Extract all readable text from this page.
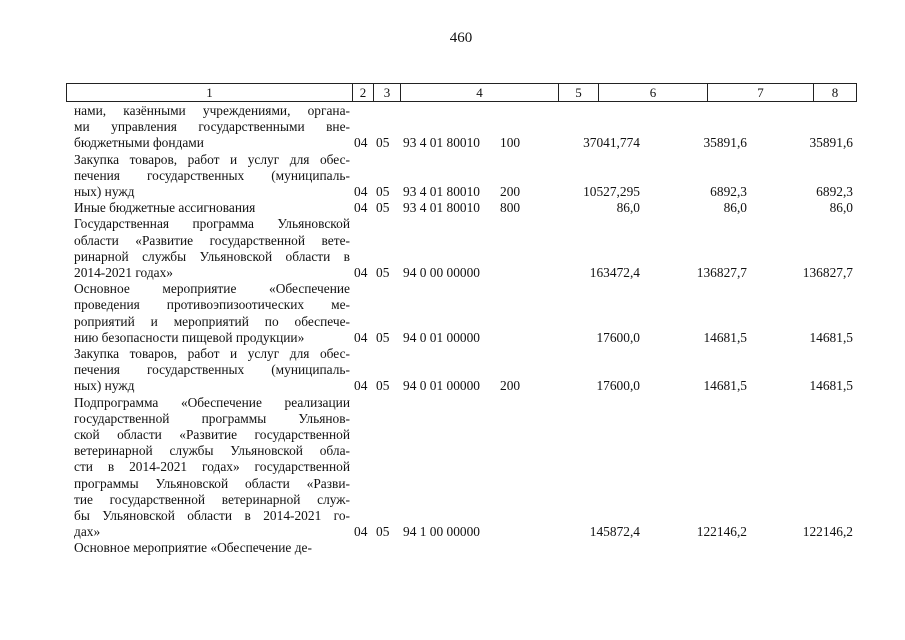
460
1	2	3	4	5	6	7	8
нами, казёнными учреждениями, органа-
ми управления государственными вне-
бюджетными фондами	04 05 93 4 01 80010 100	37041,774	35891,6	35891,6
Закупка товаров, работ и услуг для обес-
печения государственных (муниципаль-
ных) нужд	04 05 93 4 01 80010 200	10527,295	6892,3	6892,3
Иные бюджетные ассигнования	04 05 93 4 01 80010 800	86,0	86,0	86,0
Государственная программа Ульяновской
области «Развитие государственной вете-
ринарной службы Ульяновской области в
2014-2021 годах»	04 05 94 0 00 00000	163472,4	136827,7	136827,7
Основное мероприятие «Обеспечение
проведения противоэпизоотических ме-
роприятий и мероприятий по обеспече-
нию безопасности пищевой продукции»	04 05 94 0 01 00000	17600,0	14681,5	14681,5
Закупка товаров, работ и услуг для обес-
печения государственных (муниципаль-
ных) нужд	04 05 94 0 01 00000 200	17600,0	14681,5	14681,5
Подпрограмма «Обеспечение реализации
государственной программы Ульянов-
ской области «Развитие государственной
ветеринарной службы Ульяновской обла-
сти в 2014-2021 годах» государственной
программы Ульяновской области «Разви-
тие государственной ветеринарной служ-
бы Ульяновской области в 2014-2021 го-
дах»	04 05 94 1 00 00000	145872,4	122146,2	122146,2
Основное мероприятие «Обеспечение де-
